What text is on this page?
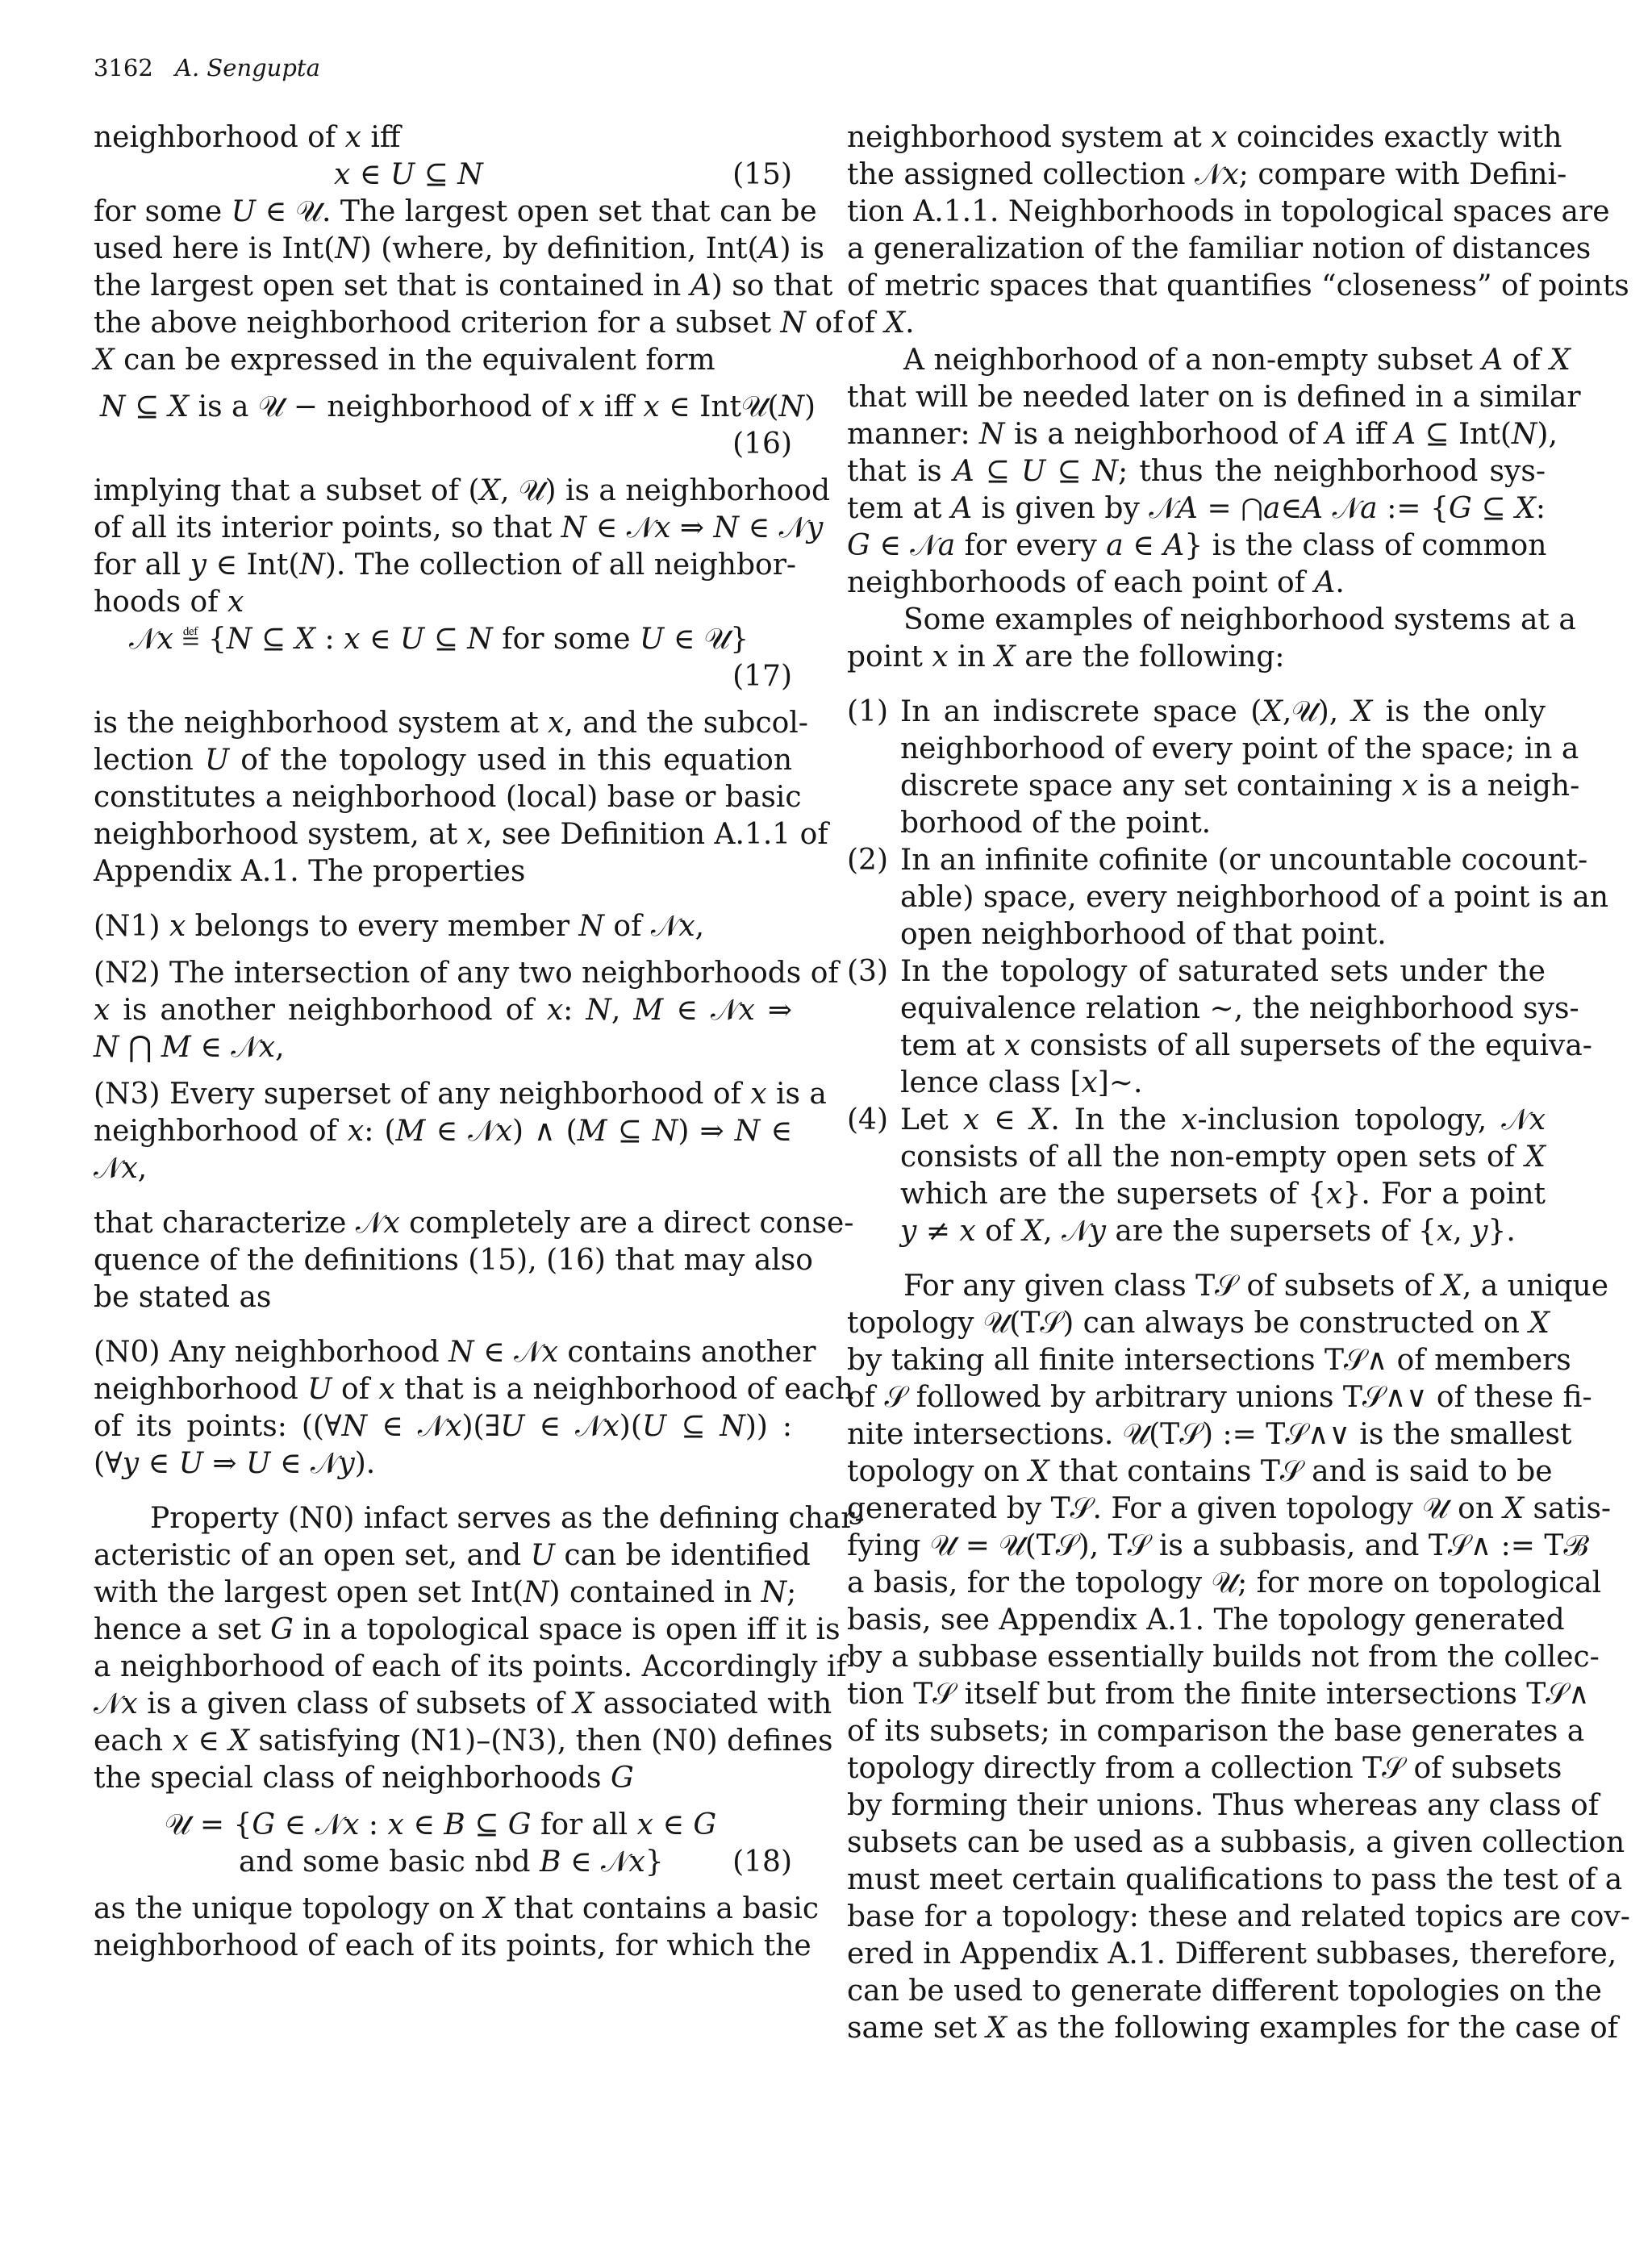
3162 A. Sengupta
neighborhood of 𝑥 iff
𝑥 ∈ 𝑈 ⊆ 𝑁	(15)
for some 𝑈 ∈ 𝒰. The largest open set that can be
used here is Int(𝑁) (where, by definition, Int(𝐴) is
the largest open set that is contained in 𝐴) so that
the above neighborhood criterion for a subset 𝑁 of
𝑋 can be expressed in the equivalent form
𝑁 ⊆ 𝑋 is a 𝒰 − neighborhood of 𝑥 iff 𝑥 ∈ Int𝒰(𝑁)
(16)
implying that a subset of (𝑋, 𝒰) is a neighborhood
of all its interior points, so that 𝑁 ∈ 𝒩𝑥 ⇒ 𝑁 ∈ 𝒩𝑦
for all 𝑦 ∈ Int(𝑁). The collection of all neighbor-
hoods of 𝑥
𝒩𝑥 ≝ {𝑁 ⊆ 𝑋 : 𝑥 ∈ 𝑈 ⊆ 𝑁 for some 𝑈 ∈ 𝒰}
(17)
is the neighborhood system at 𝑥, and the subcol-
lection 𝑈 of the topology used in this equation
constitutes a neighborhood (local) base or basic
neighborhood system, at 𝑥, see Definition A.1.1 of
Appendix A.1. The properties
(N1) 𝑥 belongs to every member 𝑁 of 𝒩𝑥,
(N2) The intersection of any two neighborhoods of
𝑥 is another neighborhood of 𝑥: 𝑁, 𝑀 ∈ 𝒩𝑥 ⇒
𝑁 ⋂ 𝑀 ∈ 𝒩𝑥,
(N3) Every superset of any neighborhood of 𝑥 is a
neighborhood of 𝑥: (𝑀 ∈ 𝒩𝑥) ∧ (𝑀 ⊆ 𝑁) ⇒ 𝑁 ∈
𝒩𝑥,
that characterize 𝒩𝑥 completely are a direct conse-
quence of the definitions (15), (16) that may also
be stated as
(N0) Any neighborhood 𝑁 ∈ 𝒩𝑥 contains another
neighborhood 𝑈 of 𝑥 that is a neighborhood of each
of its points: ((∀𝑁 ∈ 𝒩𝑥)(∃𝑈 ∈ 𝒩𝑥)(𝑈 ⊆ 𝑁)) :
(∀𝑦 ∈ 𝑈 ⇒ 𝑈 ∈ 𝒩𝑦).
Property (N0) infact serves as the defining char-
acteristic of an open set, and 𝑈 can be identified
with the largest open set Int(𝑁) contained in 𝑁;
hence a set 𝐺 in a topological space is open iff it is
a neighborhood of each of its points. Accordingly if
𝒩𝑥 is a given class of subsets of 𝑋 associated with
each 𝑥 ∈ 𝑋 satisfying (N1)–(N3), then (N0) defines
the special class of neighborhoods 𝐺
𝒰 = {𝐺 ∈ 𝒩𝑥 : 𝑥 ∈ 𝐵 ⊆ 𝐺 for all 𝑥 ∈ 𝐺
and some basic nbd 𝐵 ∈ 𝒩𝑥} (18)
as the unique topology on 𝑋 that contains a basic
neighborhood of each of its points, for which the
neighborhood system at 𝑥 coincides exactly with
the assigned collection 𝒩𝑥; compare with Defini-
tion A.1.1. Neighborhoods in topological spaces are
a generalization of the familiar notion of distances
of metric spaces that quantifies “closeness” of points
of 𝑋.
A neighborhood of a non-empty subset 𝐴 of 𝑋
that will be needed later on is defined in a similar
manner: 𝑁 is a neighborhood of 𝐴 iff 𝐴 ⊆ Int(𝑁),
that is 𝐴 ⊆ 𝑈 ⊆ 𝑁; thus the neighborhood sys-
tem at 𝐴 is given by 𝒩𝐴 = ⋂𝑎∈𝐴 𝒩𝑎 := {𝐺 ⊆ 𝑋:
𝐺 ∈ 𝒩𝑎 for every 𝑎 ∈ 𝐴} is the class of common
neighborhoods of each point of 𝐴.
Some examples of neighborhood systems at a
point 𝑥 in 𝑋 are the following:
(1) In an indiscrete space (𝑋,𝒰), 𝑋 is the only
neighborhood of every point of the space; in a
discrete space any set containing 𝑥 is a neigh-
borhood of the point.
(2) In an infinite cofinite (or uncountable cocount-
able) space, every neighborhood of a point is an
open neighborhood of that point.
(3) In the topology of saturated sets under the
equivalence relation ∼, the neighborhood sys-
tem at 𝑥 consists of all supersets of the equiva-
lence class [𝑥]∼.
(4) Let 𝑥 ∈ 𝑋. In the 𝑥-inclusion topology, 𝒩𝑥
consists of all the non-empty open sets of 𝑋
which are the supersets of {𝑥}. For a point
𝑦 ≠ 𝑥 of 𝑋, 𝒩𝑦 are the supersets of {𝑥, 𝑦}.
For any given class T𝒮 of subsets of 𝑋, a unique
topology 𝒰(T𝒮) can always be constructed on 𝑋
by taking all finite intersections T𝒮∧ of members
of 𝒮 followed by arbitrary unions T𝒮∧∨ of these fi-
nite intersections. 𝒰(T𝒮) := T𝒮∧∨ is the smallest
topology on 𝑋 that contains T𝒮 and is said to be
generated by T𝒮. For a given topology 𝒰 on 𝑋 satis-
fying 𝒰 = 𝒰(T𝒮), T𝒮 is a subbasis, and T𝒮∧ := Tℬ
a basis, for the topology 𝒰; for more on topological
basis, see Appendix A.1. The topology generated
by a subbase essentially builds not from the collec-
tion T𝒮 itself but from the finite intersections T𝒮∧
of its subsets; in comparison the base generates a
topology directly from a collection T𝒮 of subsets
by forming their unions. Thus whereas any class of
subsets can be used as a subbasis, a given collection
must meet certain qualifications to pass the test of a
base for a topology: these and related topics are cov-
ered in Appendix A.1. Different subbases, therefore,
can be used to generate different topologies on the
same set 𝑋 as the following examples for the case of
